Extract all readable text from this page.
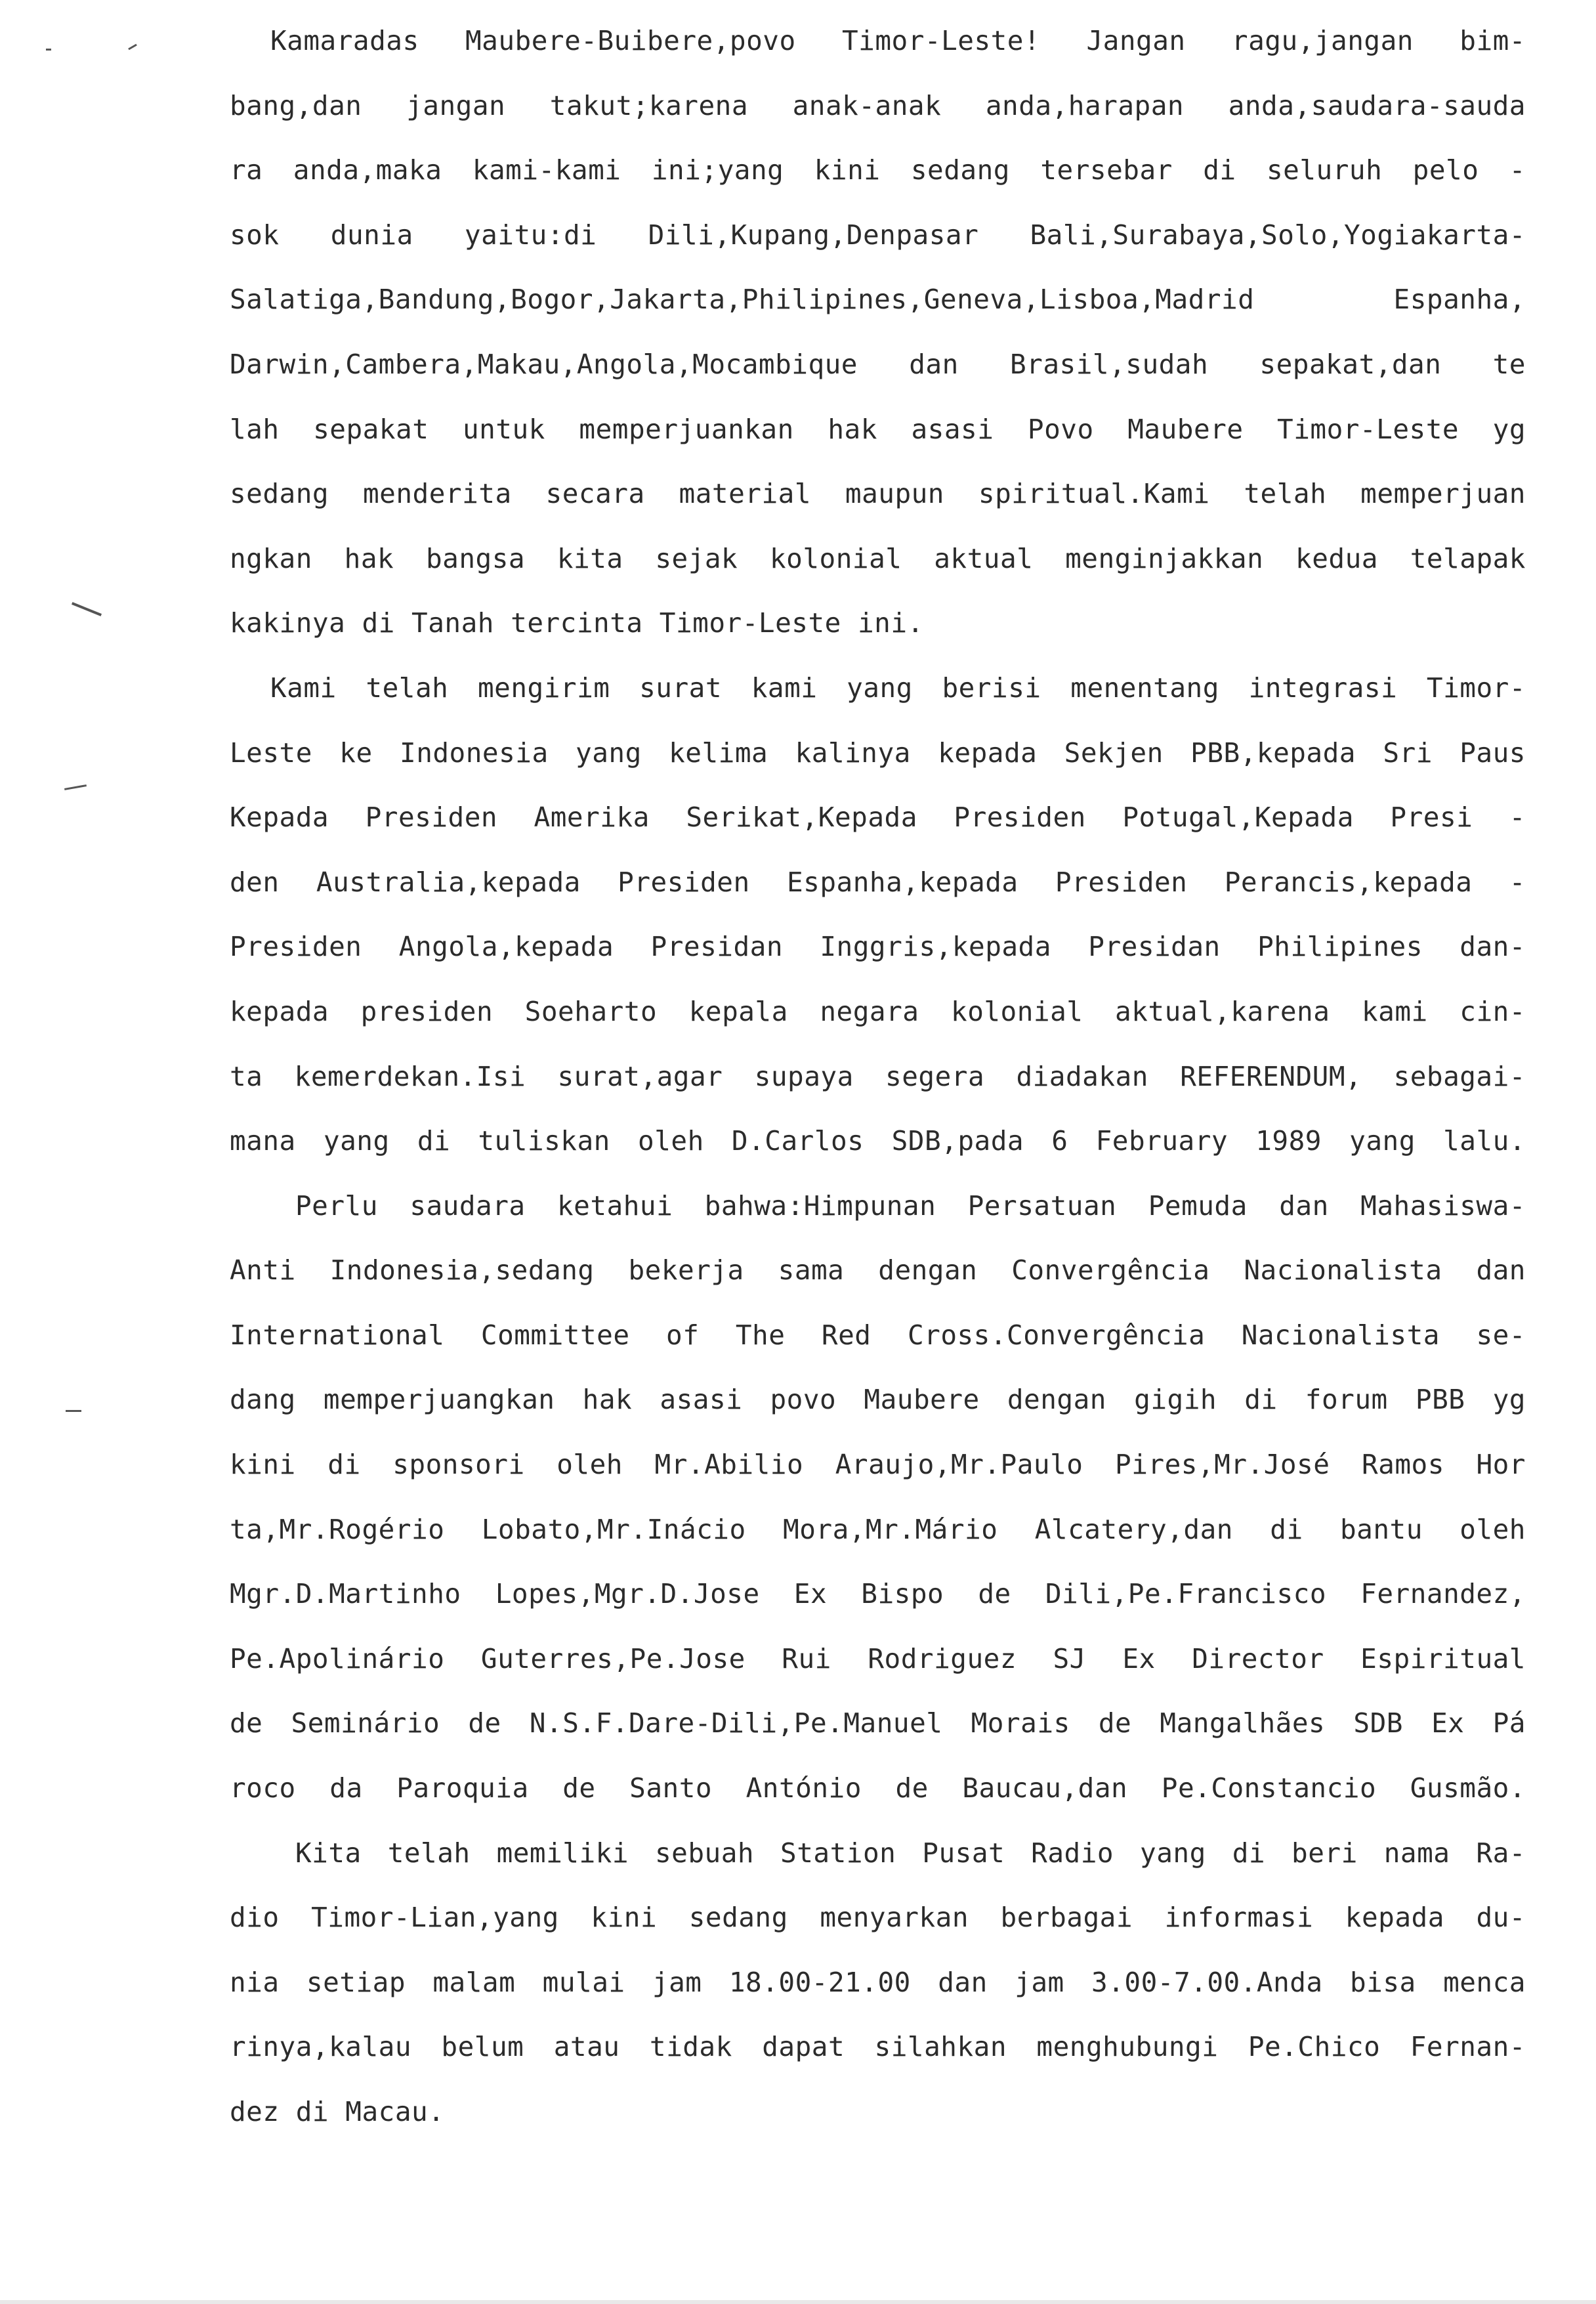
Kamaradas Maubere-Buibere,povo Timor-Leste! Jangan ragu,jangan bim-
bang,dan jangan takut;karena anak-anak anda,harapan anda,saudara-sauda
ra anda,maka kami-kami ini;yang kini sedang tersebar di seluruh pelo -
sok dunia yaitu:di Dili,Kupang,Denpasar Bali,Surabaya,Solo,Yogiakarta-
Salatiga,Bandung,Bogor,Jakarta,Philipines,Geneva,Lisboa,Madrid Espanha,
Darwin,Cambera,Makau,Angola,Mocambique dan Brasil,sudah sepakat,dan te
lah sepakat untuk memperjuankan hak asasi Povo Maubere Timor-Leste yg
sedang menderita secara material maupun spiritual.Kami telah memperjuan
ngkan hak bangsa kita sejak kolonial aktual menginjakkan kedua telapak
kakinya di Tanah tercinta Timor-Leste ini.
Kami telah mengirim surat kami yang berisi menentang integrasi Timor-
Leste ke Indonesia yang kelima kalinya kepada Sekjen PBB,kepada Sri Paus
Kepada Presiden Amerika Serikat,Kepada Presiden Potugal,Kepada Presi -
den Australia,kepada Presiden Espanha,kepada Presiden Perancis,kepada -
Presiden Angola,kepada Presidan Inggris,kepada Presidan Philipines dan-
kepada presiden Soeharto kepala negara kolonial aktual,karena kami cin-
ta kemerdekan.Isi surat,agar supaya segera diadakan REFERENDUM, sebagai-
mana yang di tuliskan oleh D.Carlos SDB,pada 6 February 1989 yang lalu.
Perlu saudara ketahui bahwa:Himpunan Persatuan Pemuda dan Mahasiswa-
Anti Indonesia,sedang bekerja sama dengan Convergência Nacionalista dan
International Committee of The Red Cross.Convergência Nacionalista se-
dang memperjuangkan hak asasi povo Maubere dengan gigih di forum PBB yg
kini di sponsori oleh Mr.Abilio Araujo,Mr.Paulo Pires,Mr.José Ramos Hor
ta,Mr.Rogério Lobato,Mr.Inácio Mora,Mr.Mário Alcatery,dan di bantu oleh
Mgr.D.Martinho Lopes,Mgr.D.Jose Ex Bispo de Dili,Pe.Francisco Fernandez,
Pe.Apolinário Guterres,Pe.Jose Rui Rodriguez SJ Ex Director Espiritual
de Seminário de N.S.F.Dare-Dili,Pe.Manuel Morais de Mangalhães SDB Ex Pá
roco da Paroquia de Santo António de Baucau,dan Pe.Constancio Gusmão.
Kita telah memiliki sebuah Station Pusat Radio yang di beri nama Ra-
dio Timor-Lian,yang kini sedang menyarkan berbagai informasi kepada du-
nia setiap malam mulai jam 18.00-21.00 dan jam 3.00-7.00.Anda bisa menca
rinya,kalau belum atau tidak dapat silahkan menghubungi Pe.Chico Fernan-
dez di Macau.
